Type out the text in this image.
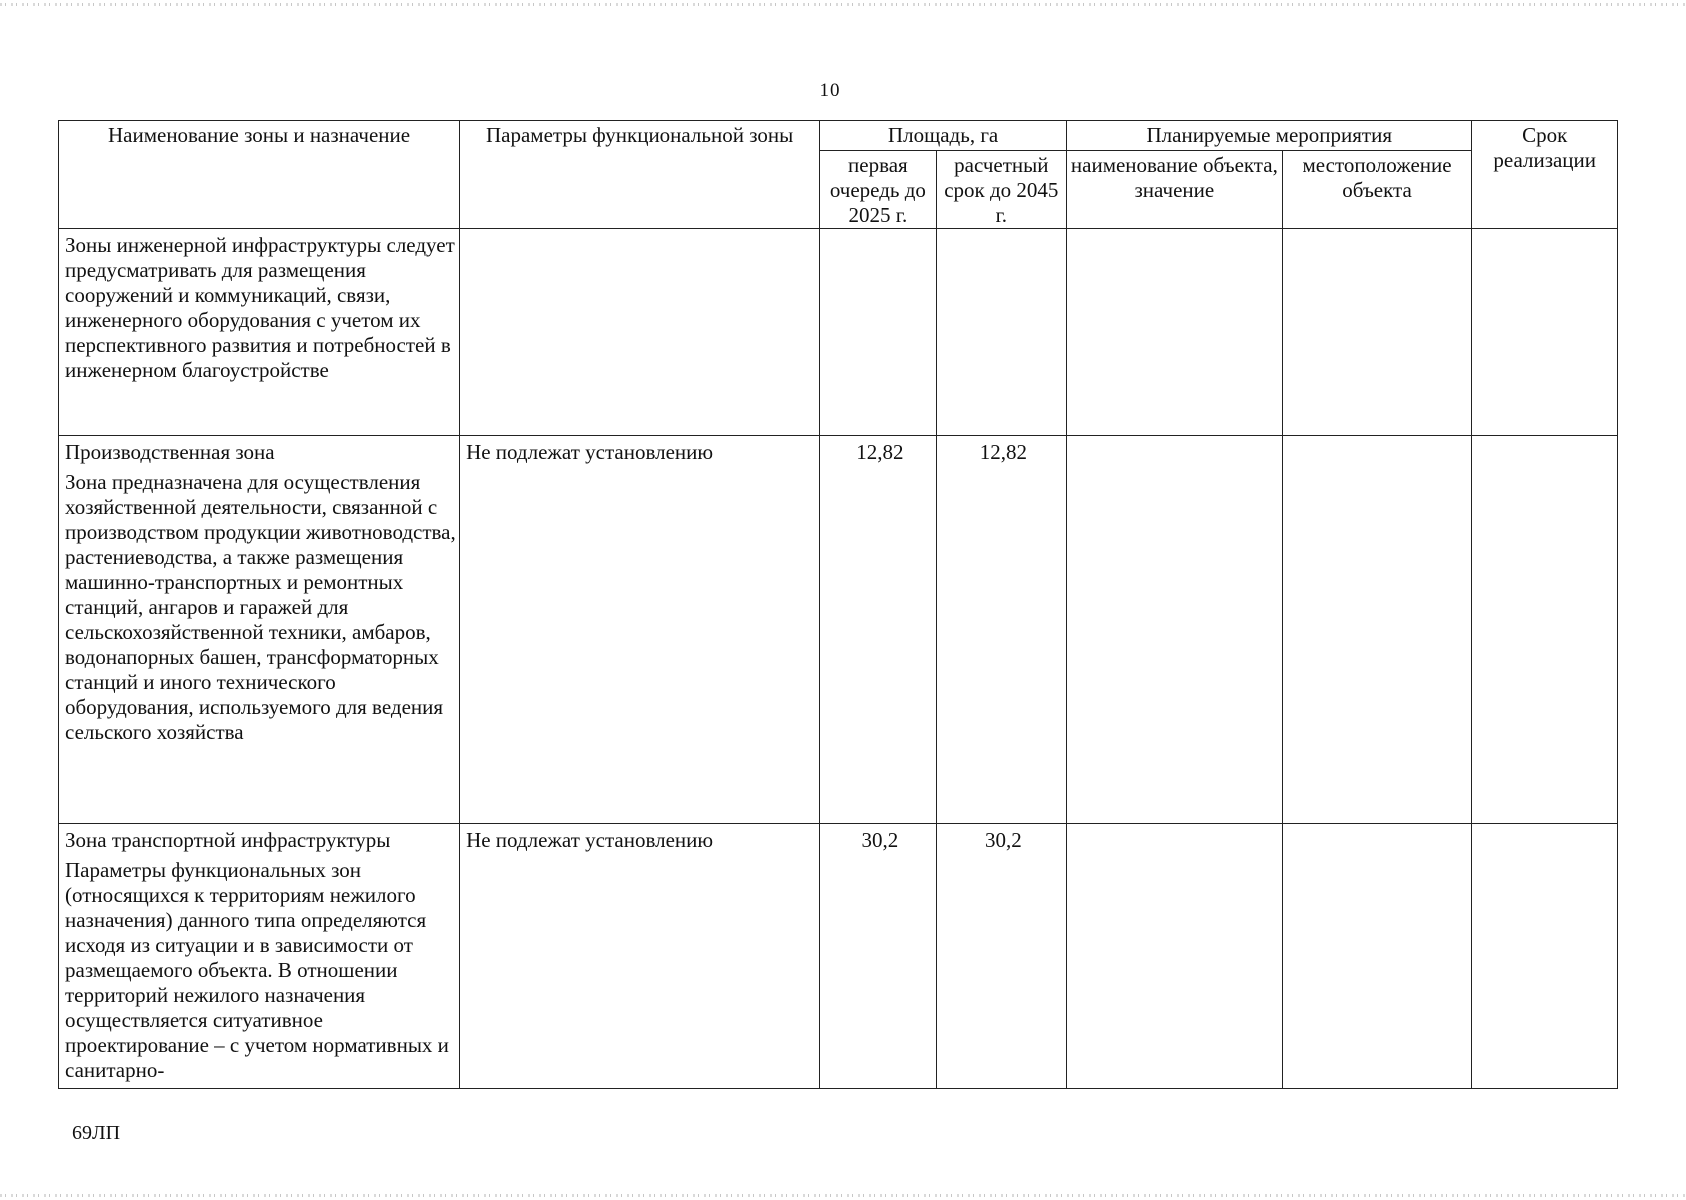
10
Наименование зоны и назначение	Параметры функциональной зоны	Площадь, га		Планируемые мероприятия		Срок реализации
		первая очередь до 2025 г.	расчетный срок до 2045 г.	наименование объекта, значение	местоположение объекта	

Зоны инженерной инфраструктуры следует предусматривать для размещения сооружений и коммуникаций, связи, инженерного оборудования с учетом их перспективного развития и потребностей в инженерном благоустройстве						

Производственная зона
Зона предназначена для осуществления хозяйственной деятельности, связанной с производством продукции животноводства, растениеводства, а также размещения машинно-транспортных и ремонтных станций, ангаров и гаражей для сельскохозяйственной техники, амбаров, водонапорных башен, трансформаторных станций и иного технического оборудования, используемого для ведения сельского хозяйства	Не подлежат установлению	12,82	12,82			

Зона транспортной инфраструктуры
Параметры функциональных зон (относящихся к территориям нежилого назначения) данного типа определяются исходя из ситуации и в зависимости от размещаемого объекта. В отношении территорий нежилого назначения осуществляется ситуативное проектирование – с учетом нормативных и санитарно-	Не подлежат установлению	30,2	30,2			
69ЛП
